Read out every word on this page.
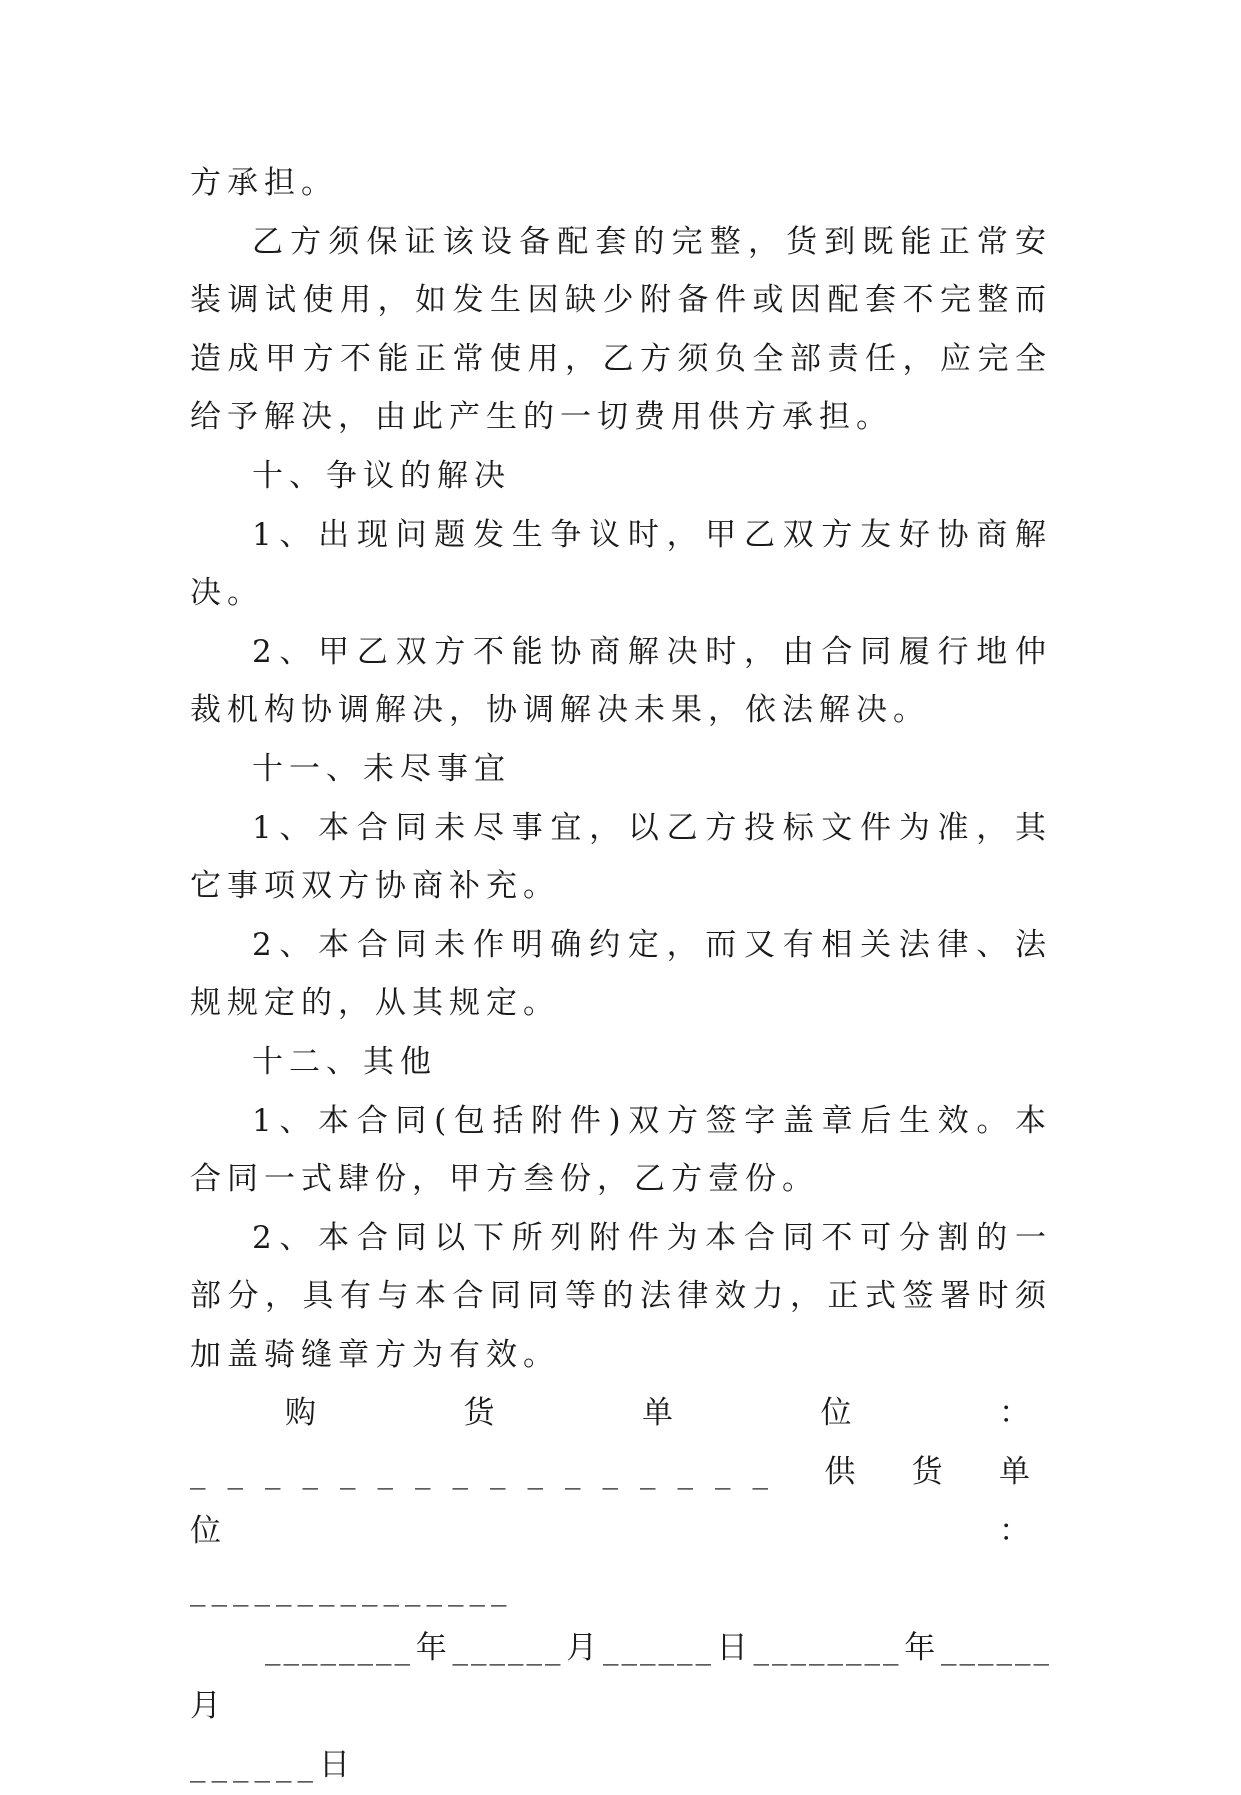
方承担。

乙方须保证该设备配套的完整，货到既能正常安装调试使用，如发生因缺少附备件或因配套不完整而造成甲方不能正常使用，乙方须负全部责任，应完全给予解决，由此产生的一切费用供方承担。

十、争议的解决

1、出现问题发生争议时，甲乙双方友好协商解决。

2、甲乙双方不能协商解决时，由合同履行地仲裁机构协调解决，协调解决未果，依法解决。

十一、未尽事宜

1、本合同未尽事宜，以乙方投标文件为准，其它事项双方协商补充。

2、本合同未作明确约定，而又有相关法律、法规规定的，从其规定。

十二、其他

1、本合同(包括附件)双方签字盖章后生效。本合同一式肆份，甲方叁份，乙方壹份。

2、本合同以下所列附件为本合同不可分割的一部分，具有与本合同同等的法律效力，正式签署时须加盖骑缝章方为有效。

购货单位：________________供货单位：

_______________

________年______月______日________年______月

______日
